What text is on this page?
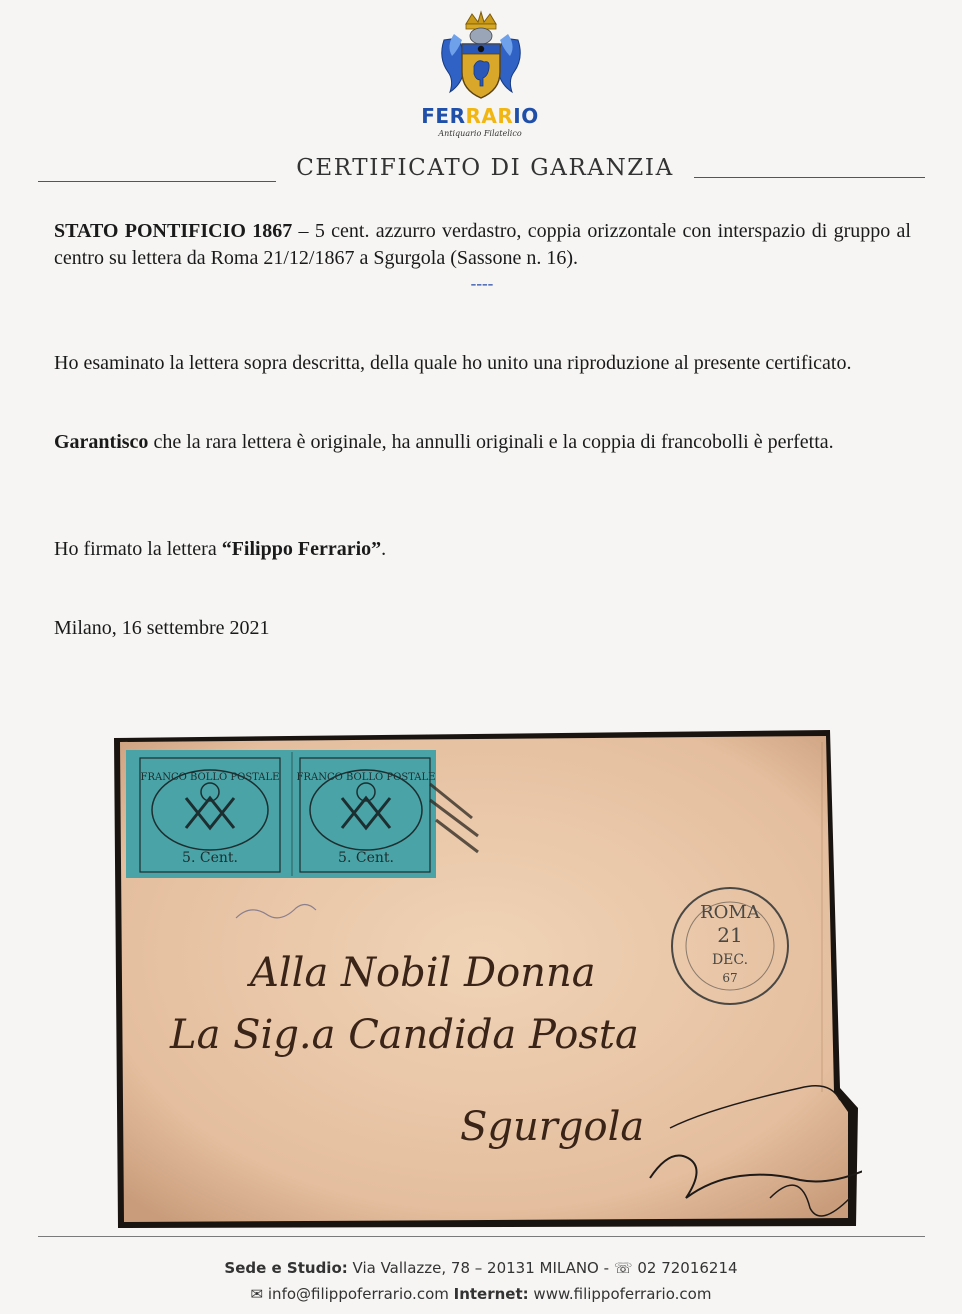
FERRARIO
Antiquario Filatelico
CERTIFICATO DI GARANZIA
STATO PONTIFICIO 1867 – 5 cent. azzurro verdastro, coppia orizzontale con interspazio di gruppo al centro su lettera da Roma 21/12/1867 a Sgurgola (Sassone n. 16).
----
Ho esaminato la lettera sopra descritta, della quale ho unito una riproduzione al presente certificato.
Garantisco che la rara lettera è originale, ha annulli originali e la coppia di francobolli è perfetta.
Ho firmato la lettera “Filippo Ferrario”.
Milano, 16 settembre 2021
FRANCO BOLLO POSTALE
5. Cent.
FRANCO BOLLO POSTALE
5. Cent.
ROMA
21
DEC.
67
Alla Nobil Donna
La Sig.a Candida Posta
Sgurgola
Sede e Studio: Via Vallazze, 78 – 20131 MILANO - ☏ 02 72016214
✉ info@filippoferrario.com Internet: www.filippoferrario.com
